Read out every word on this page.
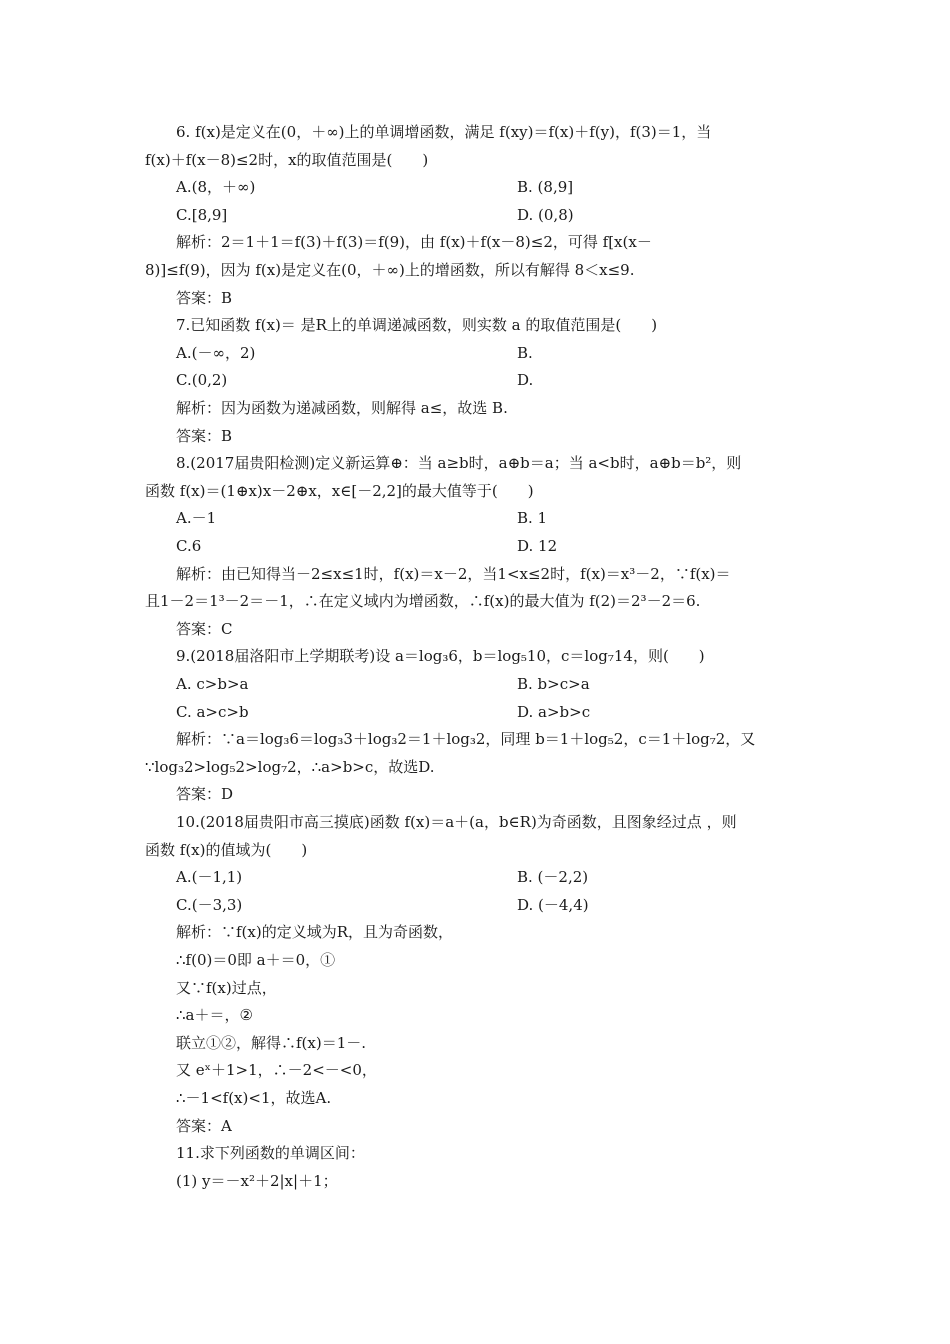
6. f(x)是定义在(0，＋∞)上的单调增函数，满足 f(xy)＝f(x)＋f(y)，f(3)＝1，当
f(x)＋f(x－8)≤2时，x的取值范围是(　　)
A.(8，＋∞)	B. (8,9]
C.[8,9]	D. (0,8)
解析：2＝1＋1＝f(3)＋f(3)＝f(9)，由 f(x)＋f(x－8)≤2，可得 f[x(x－
8)]≤f(9)，因为 f(x)是定义在(0，＋∞)上的增函数，所以有解得 8＜x≤9.
答案：B
7.已知函数 f(x)＝ 是R上的单调递减函数，则实数 a 的取值范围是(　　)
A.(－∞，2)	B.
C.(0,2)	D.
解析：因为函数为递减函数，则解得 a≤，故选 B.
答案：B
8.(2017届贵阳检测)定义新运算⊕：当 a≥b时，a⊕b＝a；当 a<b时，a⊕b＝b²，则
函数 f(x)＝(1⊕x)x－2⊕x，x∈[－2,2]的最大值等于(　　)
A.－1	B. 1
C.6	D. 12
解析：由已知得当－2≤x≤1时，f(x)＝x－2，当1<x≤2时，f(x)＝x³－2，∵f(x)＝
且1－2＝1³－2＝－1，∴在定义域内为增函数，∴f(x)的最大值为 f(2)＝2³－2＝6.
答案：C
9.(2018届洛阳市上学期联考)设 a＝log₃6，b＝log₅10，c＝log₇14，则(　　)
A. c>b>a	B. b>c>a
C. a>c>b	D. a>b>c
解析：∵a＝log₃6＝log₃3＋log₃2＝1＋log₃2，同理 b＝1＋log₅2，c＝1＋log₇2，又
∵log₃2>log₅2>log₇2，∴a>b>c，故选D.
答案：D
10.(2018届贵阳市高三摸底)函数 f(x)＝a＋(a，b∈R)为奇函数，且图象经过点 ，则
函数 f(x)的值域为(　　)
A.(－1,1)	B. (－2,2)
C.(－3,3)	D. (－4,4)
解析：∵f(x)的定义域为R，且为奇函数，
∴f(0)＝0即 a＋＝0，①
又∵f(x)过点，
∴a＋＝，②
联立①②，解得∴f(x)＝1－.
又 eˣ＋1>1，∴－2<－<0，
∴－1<f(x)<1，故选A.
答案：A
11.求下列函数的单调区间：
(1) y＝－x²＋2|x|＋1；
